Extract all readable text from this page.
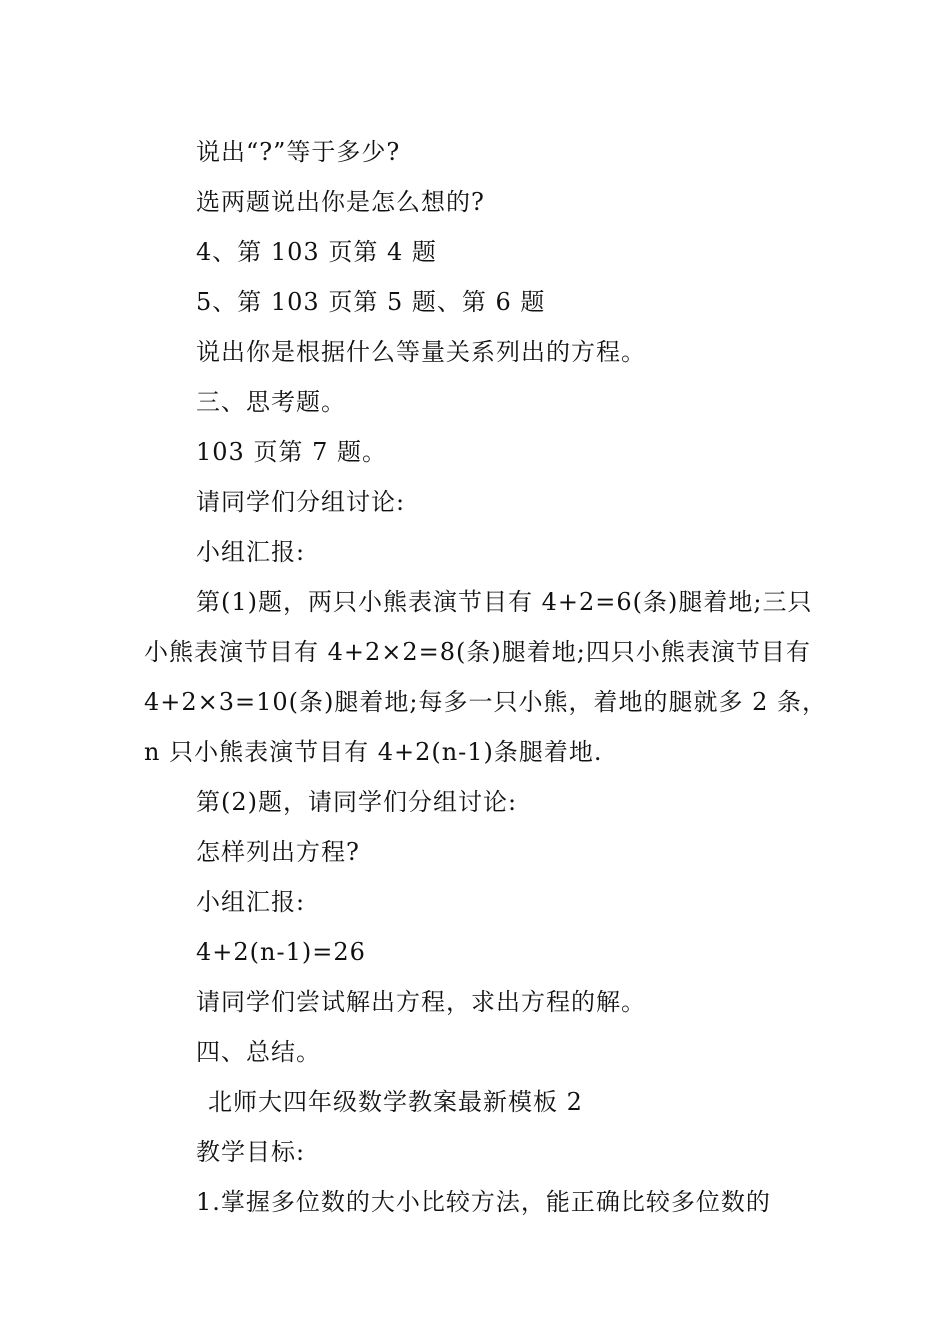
说出“?”等于多少?
选两题说出你是怎么想的?
4、第 103 页第 4 题
5、第 103 页第 5 题、第 6 题
说出你是根据什么等量关系列出的方程。
三、思考题。
103 页第 7 题。
请同学们分组讨论:
小组汇报:
第(1)题，两只小熊表演节目有 4+2=6(条)腿着地;三只
小熊表演节目有 4+2×2=8(条)腿着地;四只小熊表演节目有
4+2×3=10(条)腿着地;每多一只小熊，着地的腿就多 2 条，
n 只小熊表演节目有 4+2(n-1)条腿着地.
第(2)题，请同学们分组讨论:
怎样列出方程?
小组汇报:
4+2(n-1)=26
请同学们尝试解出方程，求出方程的解。
四、总结。
北师大四年级数学教案最新模板 2
教学目标:
1.掌握多位数的大小比较方法，能正确比较多位数的
